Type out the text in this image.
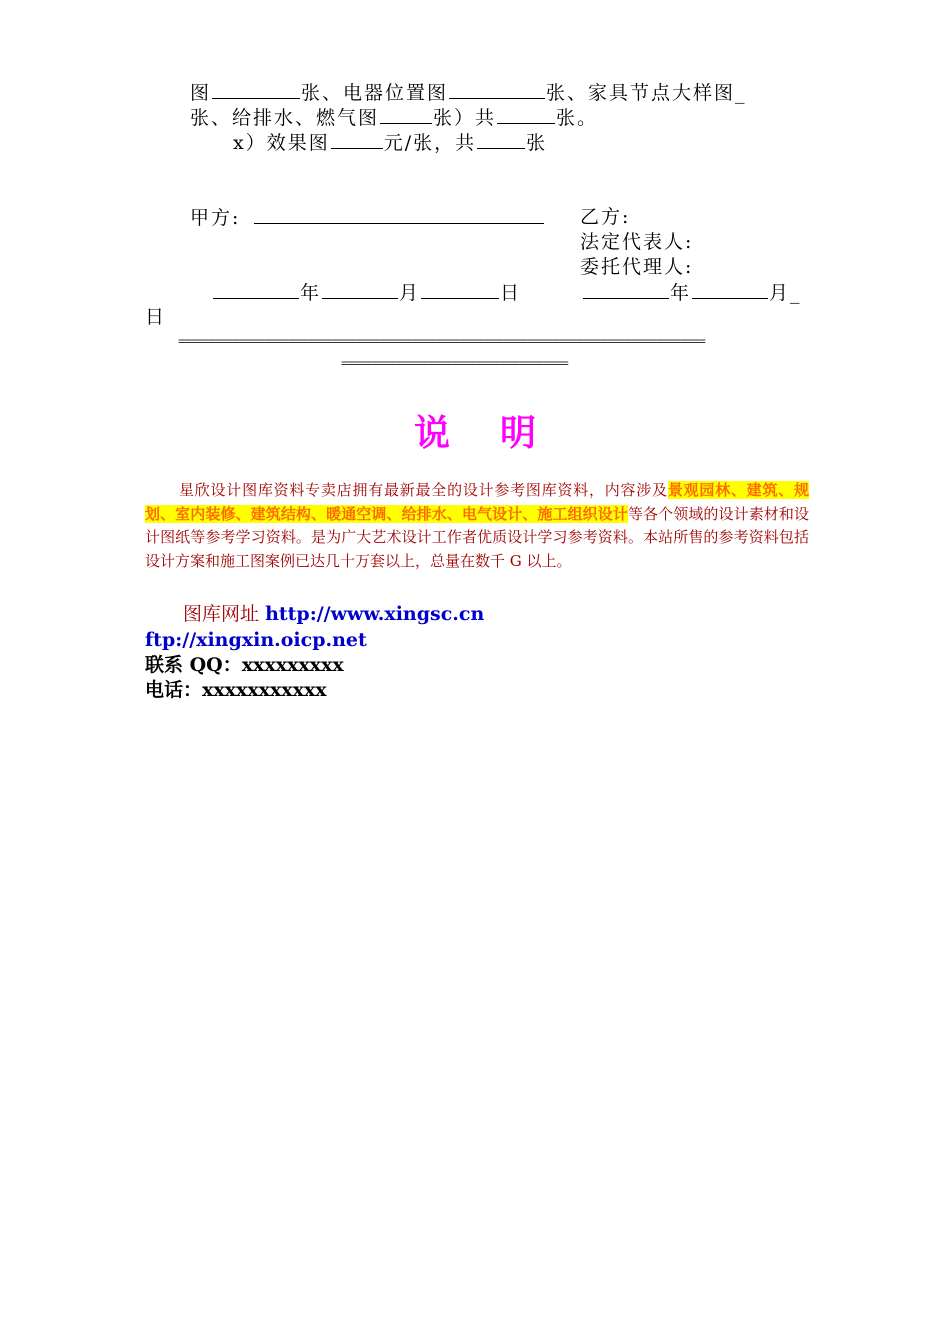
图	张、电器位置图	张、家具节点大样图_
张、给排水、燃气图	张）共	张。
x）效果图	元/张，共	张
甲方:	乙方:
法定代表人:
委托代理人:
年	月	日	年	月_
日
======================================================================================
=====================================
说明
星欣设计图库资料专卖店拥有最新最全的设计参考图库资料，内容涉及景观园林、建筑、规划、室内装修、建筑结构、暖通空调、给排水、电气设计、施工组织设计等各个领域的设计素材和设计图纸等参考学习资料。是为广大艺术设计工作者优质设计学习参考资料。本站所售的参考资料包括设计方案和施工图案例已达几十万套以上，总量在数千 G 以上。
图库网址 http://www.xingsc.cn
ftp://xingxin.oicp.net
联系 QQ：xxxxxxxxx
电话：xxxxxxxxxxx
